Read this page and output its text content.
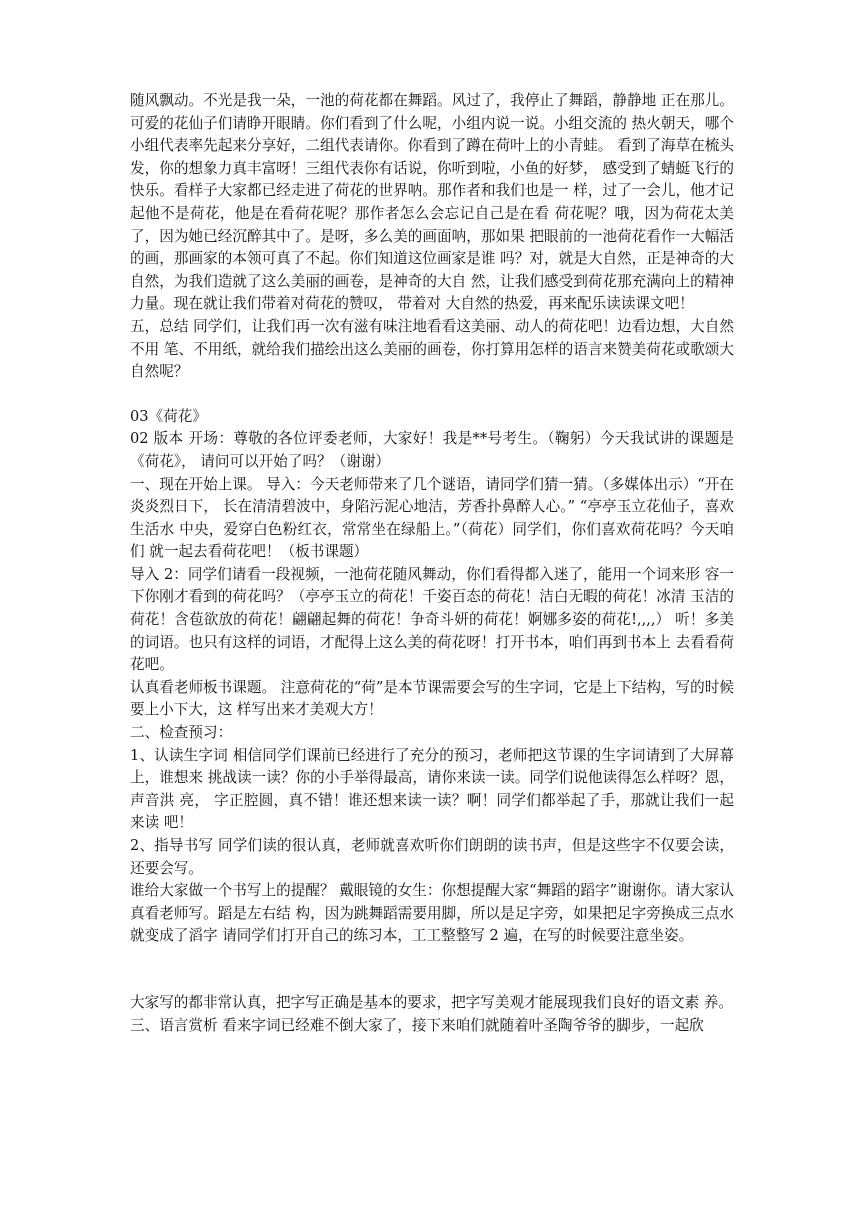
随风飘动。不光是我一朵，一池的荷花都在舞蹈。风过了，我停止了舞蹈，静静地 正在那儿。可爱的花仙子们请睁开眼睛。你们看到了什么呢，小组内说一说。小组交流的 热火朝天，哪个小组代表率先起来分享好，二组代表请你。你看到了蹲在荷叶上的小青蛙。 看到了海草在梳头发，你的想象力真丰富呀！三组代表你有话说，你听到啦，小鱼的好梦， 感受到了蜻蜓飞行的快乐。看样子大家都已经走进了荷花的世界呐。那作者和我们也是一 样，过了一会儿，他才记起他不是荷花，他是在看荷花呢？那作者怎么会忘记自己是在看 荷花呢？哦，因为荷花太美了，因为她已经沉醉其中了。是呀，多么美的画面呐，那如果 把眼前的一池荷花看作一大幅活的画，那画家的本领可真了不起。你们知道这位画家是谁 吗？对，就是大自然，正是神奇的大自然，为我们造就了这么美丽的画卷，是神奇的大自 然，让我们感受到荷花那充满向上的精神力量。现在就让我们带着对荷花的赞叹， 带着对 大自然的热爱，再来配乐读读课文吧！

五，总结 同学们，让我们再一次有滋有味注地看看这美丽、动人的荷花吧！边看边想，大自然不用 笔、不用纸，就给我们描绘出这么美丽的画卷，你打算用怎样的语言来赞美荷花或歌颂大 自然呢？

03《荷花》

02 版本 开场：尊敬的各位评委老师，大家好！我是**号考生。（鞠躬）今天我试讲的课题是《荷花》， 请问可以开始了吗？（谢谢）

一、现在开始上课。 导入：今天老师带来了几个谜语，请同学们猜一猜。（多媒体出示）“开在炎炎烈日下， 长在清清碧波中，身陷污泥心地洁，芳香扑鼻醉人心。” “亭亭玉立花仙子，喜欢生活水 中央，爱穿白色粉红衣，常常坐在绿船上。”（荷花）同学们，你们喜欢荷花吗？今天咱们 就一起去看荷花吧！（板书课题）

导入 2：同学们请看一段视频，一池荷花随风舞动，你们看得都入迷了，能用一个词来形 容一下你刚才看到的荷花吗？（亭亭玉立的荷花！千姿百态的荷花！洁白无暇的荷花！冰清 玉洁的荷花！含苞欲放的荷花！翩翩起舞的荷花！争奇斗妍的荷花！婀娜多姿的荷花!,,,,） 听！多美的词语。也只有这样的词语，才配得上这么美的荷花呀！打开书本，咱们再到书本上 去看看荷花吧。

认真看老师板书课题。 注意荷花的“荷”是本节课需要会写的生字词，它是上下结构，写的时候要上小下大，这 样写出来才美观大方！

二、检查预习：

1、认读生字词 相信同学们课前已经进行了充分的预习，老师把这节课的生字词请到了大屏幕上，谁想来 挑战读一读？你的小手举得最高，请你来读一读。同学们说他读得怎么样呀？恩，声音洪 亮， 字正腔圆，真不错！谁还想来读一读？啊！同学们都举起了手，那就让我们一起来读 吧！

2、指导书写 同学们读的很认真，老师就喜欢听你们朗朗的读书声，但是这些字不仅要会读，还要会写。

谁给大家做一个书写上的提醒？ 戴眼镜的女生：你想提醒大家“舞蹈的蹈字”谢谢你。请大家认真看老师写。蹈是左右结 构，因为跳舞蹈需要用脚，所以是足字旁，如果把足字旁换成三点水就变成了滔字 请同学们打开自己的练习本，工工整整写 2 遍，在写的时候要注意坐姿。

大家写的都非常认真，把字写正确是基本的要求，把字写美观才能展现我们良好的语文素 养。

三、语言赏析 看来字词已经难不倒大家了，接下来咱们就随着叶圣陶爷爷的脚步，一起欣
